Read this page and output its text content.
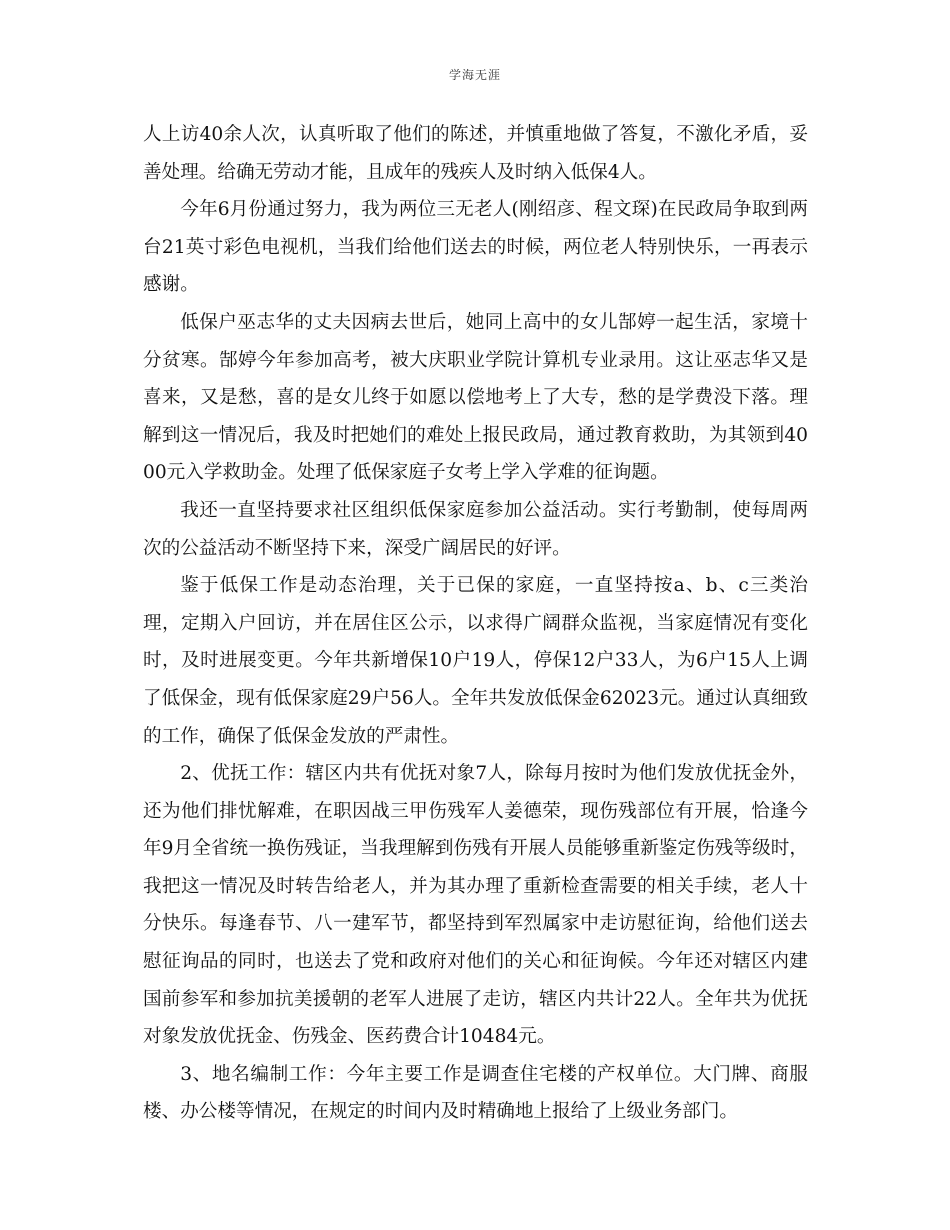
学海无涯

人上访40余人次，认真听取了他们的陈述，并慎重地做了答复，不激化矛盾，妥善处理。给确无劳动才能，且成年的残疾人及时纳入低保4人。

今年6月份通过努力，我为两位三无老人(刚绍彦、程文琛)在民政局争取到两台21英寸彩色电视机，当我们给他们送去的时候，两位老人特别快乐，一再表示感谢。

低保户巫志华的丈夫因病去世后，她同上高中的女儿郜婷一起生活，家境十分贫寒。郜婷今年参加高考，被大庆职业学院计算机专业录用。这让巫志华又是喜来，又是愁，喜的是女儿终于如愿以偿地考上了大专，愁的是学费没下落。理解到这一情况后，我及时把她们的难处上报民政局，通过教育救助，为其领到4000元入学救助金。处理了低保家庭子女考上学入学难的征询题。

我还一直坚持要求社区组织低保家庭参加公益活动。实行考勤制，使每周两次的公益活动不断坚持下来，深受广阔居民的好评。

鉴于低保工作是动态治理，关于已保的家庭，一直坚持按a、b、c三类治理，定期入户回访，并在居住区公示，以求得广阔群众监视，当家庭情况有变化时，及时进展变更。今年共新增保10户19人，停保12户33人，为6户15人上调了低保金，现有低保家庭29户56人。全年共发放低保金62023元。通过认真细致的工作，确保了低保金发放的严肃性。

2、优抚工作：辖区内共有优抚对象7人，除每月按时为他们发放优抚金外，还为他们排忧解难，在职因战三甲伤残军人姜德荣，现伤残部位有开展，恰逢今年9月全省统一换伤残证，当我理解到伤残有开展人员能够重新鉴定伤残等级时，我把这一情况及时转告给老人，并为其办理了重新检查需要的相关手续，老人十分快乐。每逢春节、八一建军节，都坚持到军烈属家中走访慰征询，给他们送去慰征询品的同时，也送去了党和政府对他们的关心和征询候。今年还对辖区内建国前参军和参加抗美援朝的老军人进展了走访，辖区内共计22人。全年共为优抚对象发放优抚金、伤残金、医药费合计10484元。

3、地名编制工作：今年主要工作是调查住宅楼的产权单位。大门牌、商服楼、办公楼等情况，在规定的时间内及时精确地上报给了上级业务部门。
